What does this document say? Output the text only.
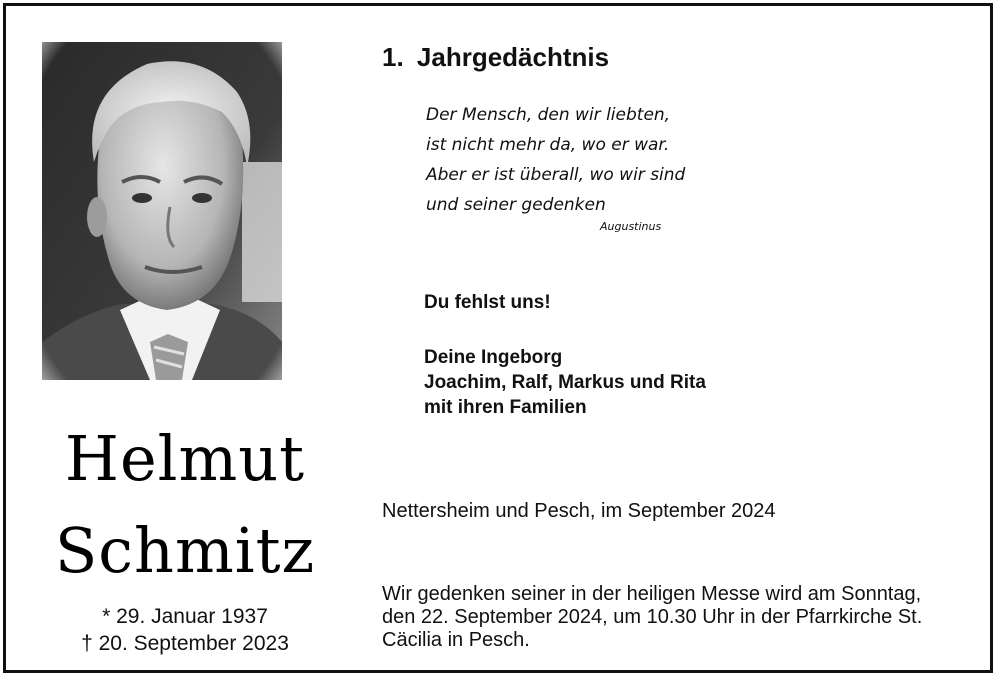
Helmut
Schmitz
* 29. Januar 1937
† 20. September 2023
1. Jahrgedächtnis
Der Mensch, den wir liebten,
ist nicht mehr da, wo er war.
Aber er ist überall, wo wir sind
und seiner gedenken
Augustinus
Du fehlst uns!
Deine Ingeborg
Joachim, Ralf, Markus und Rita
mit ihren Familien
Nettersheim und Pesch, im September 2024
Wir gedenken seiner in der heiligen Messe wird am Sonntag,
den 22. September 2024, um 10.30 Uhr in der Pfarrkirche St.
Cäcilia in Pesch.
